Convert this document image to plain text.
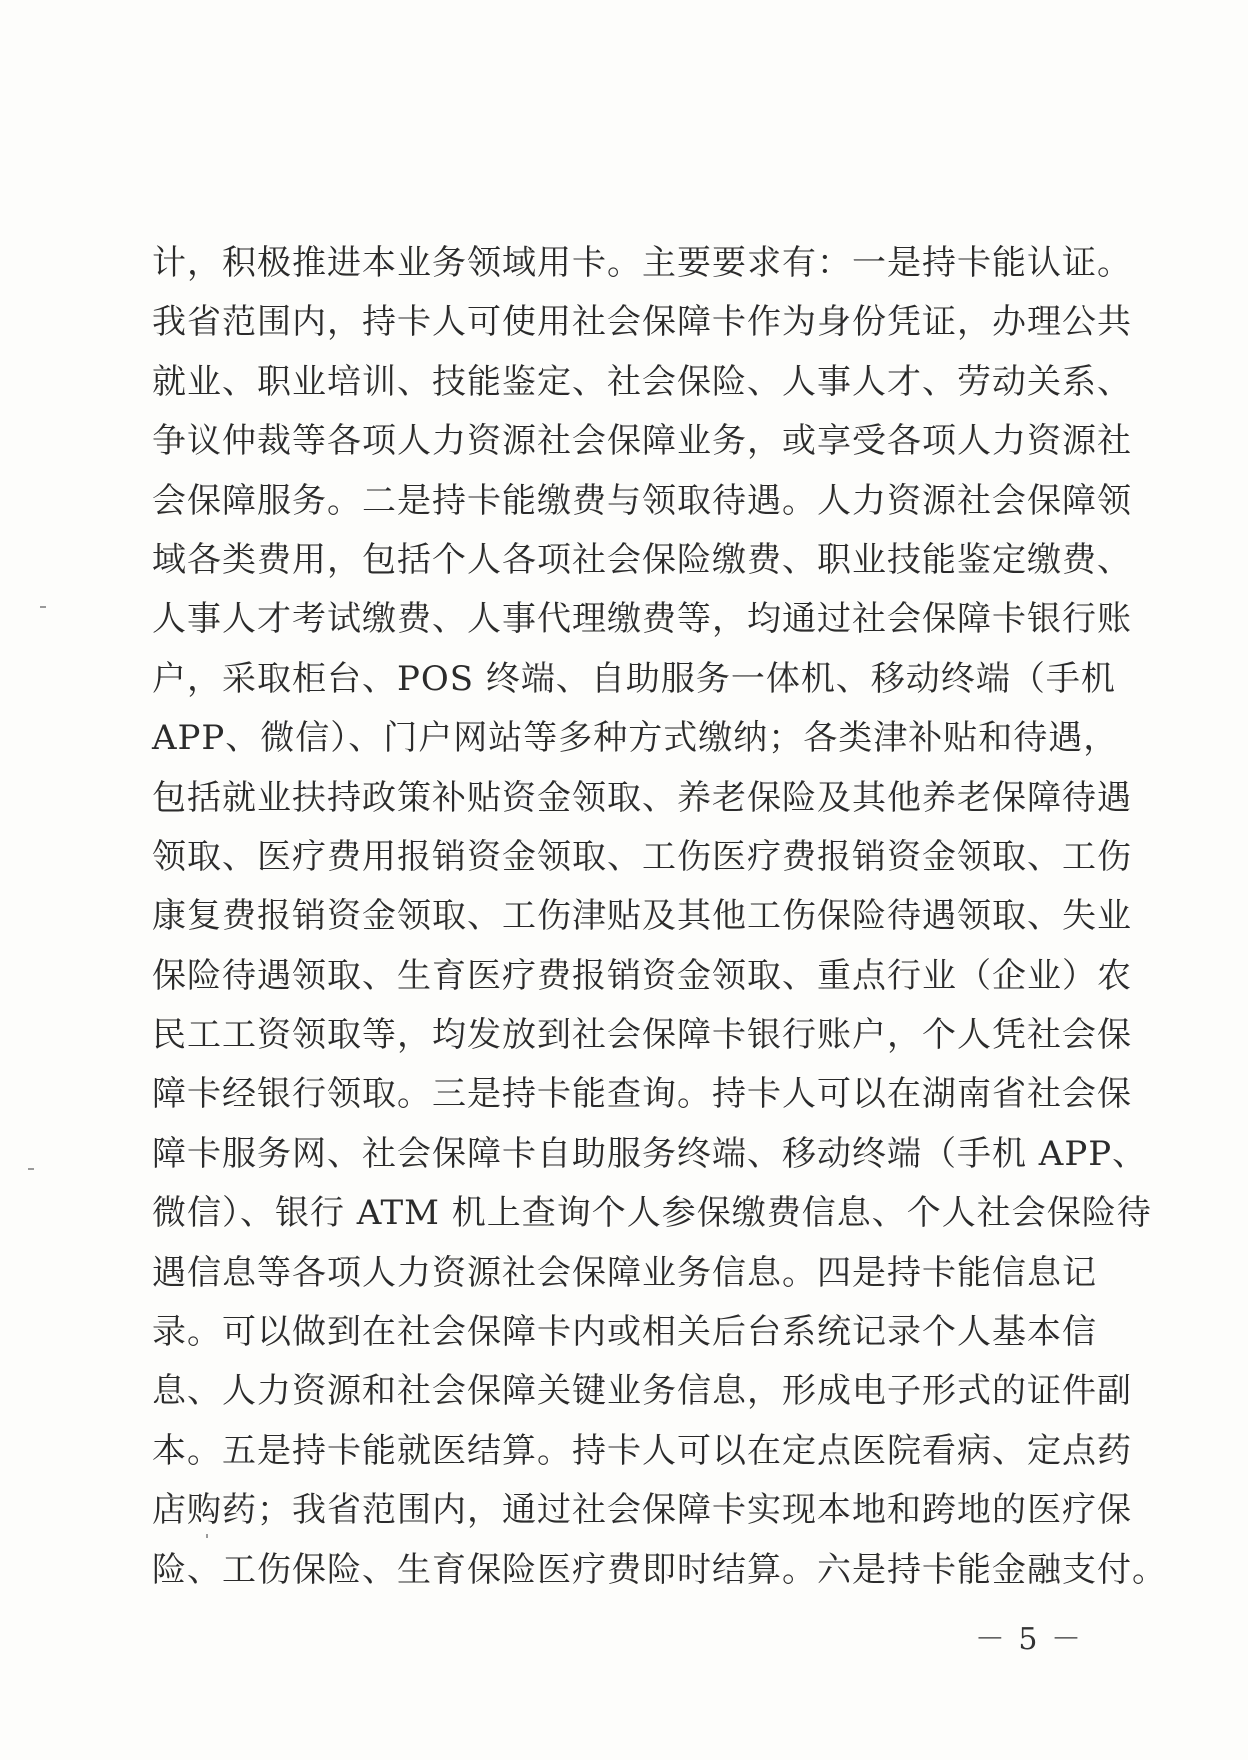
计，积极推进本业务领域用卡。主要要求有：一是持卡能认证。
我省范围内，持卡人可使用社会保障卡作为身份凭证，办理公共
就业、职业培训、技能鉴定、社会保险、人事人才、劳动关系、
争议仲裁等各项人力资源社会保障业务，或享受各项人力资源社
会保障服务。二是持卡能缴费与领取待遇。人力资源社会保障领
域各类费用，包括个人各项社会保险缴费、职业技能鉴定缴费、
人事人才考试缴费、人事代理缴费等，均通过社会保障卡银行账
户，采取柜台、POS 终端、自助服务一体机、移动终端（手机
APP、微信）、门户网站等多种方式缴纳；各类津补贴和待遇，
包括就业扶持政策补贴资金领取、养老保险及其他养老保障待遇
领取、医疗费用报销资金领取、工伤医疗费报销资金领取、工伤
康复费报销资金领取、工伤津贴及其他工伤保险待遇领取、失业
保险待遇领取、生育医疗费报销资金领取、重点行业（企业）农
民工工资领取等，均发放到社会保障卡银行账户，个人凭社会保
障卡经银行领取。三是持卡能查询。持卡人可以在湖南省社会保
障卡服务网、社会保障卡自助服务终端、移动终端（手机 APP、
微信）、银行 ATM 机上查询个人参保缴费信息、个人社会保险待
遇信息等各项人力资源社会保障业务信息。四是持卡能信息记
录。可以做到在社会保障卡内或相关后台系统记录个人基本信
息、人力资源和社会保障关键业务信息，形成电子形式的证件副
本。五是持卡能就医结算。持卡人可以在定点医院看病、定点药
店购药；我省范围内，通过社会保障卡实现本地和跨地的医疗保
险、工伤保险、生育保险医疗费即时结算。六是持卡能金融支付。
－ 5 －
